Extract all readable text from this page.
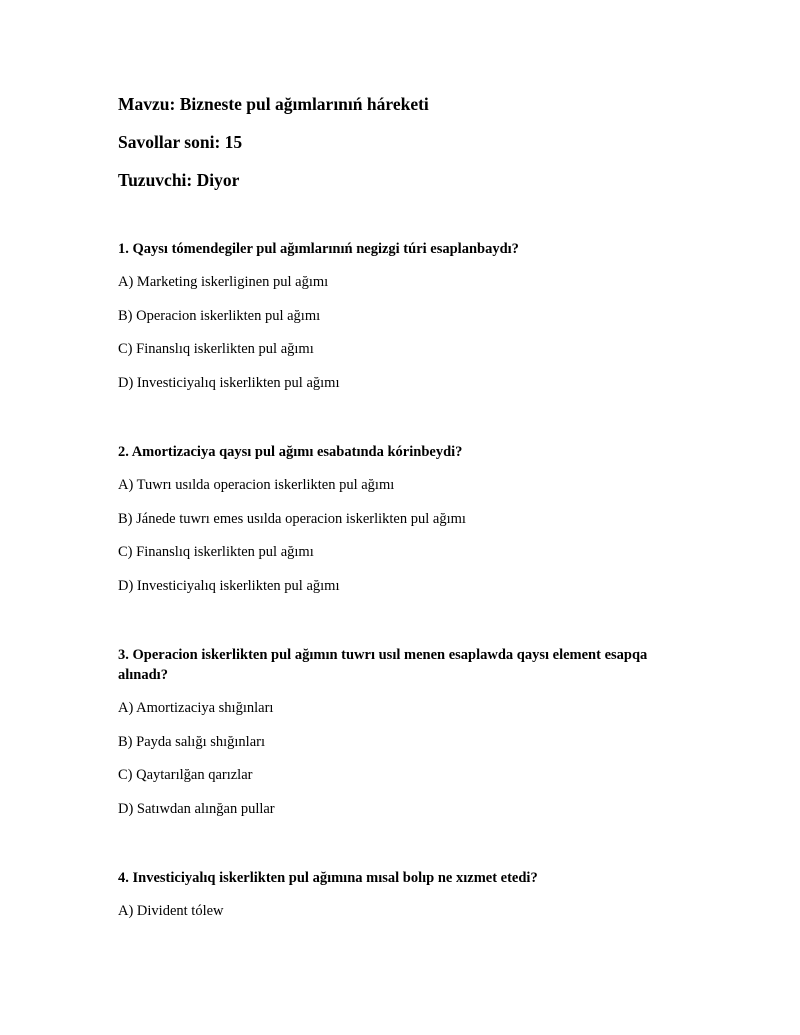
Mavzu: Bizneste pul ağımlarınıń háreketi
Savollar soni: 15
Tuzuvchi: Diyor
1. Qaysı tómendegiler pul ağımlarınıń negizgi túri esaplanbaydı?
A) Marketing iskerliginen pul ağımı
B) Operacion iskerlikten pul ağımı
C) Finanslıq iskerlikten pul ağımı
D) Investiciyalıq iskerlikten pul ağımı
2. Amortizaciya qaysı pul ağımı esabatında kórinbeydi?
A) Tuwrı usılda operacion iskerlikten pul ağımı
B) Jánede tuwrı emes usılda operacion iskerlikten pul ağımı
C) Finanslıq iskerlikten pul ağımı
D) Investiciyalıq iskerlikten pul ağımı
3. Operacion iskerlikten pul ağımın tuwrı usıl menen esaplawda qaysı element esapqa alınadı?
A) Amortizaciya shığınları
B) Payda salığı shığınları
C) Qaytarılğan qarızlar
D) Satıwdan alınğan pullar
4. Investiciyalıq iskerlikten pul ağımına mısal bolıp ne xızmet etedi?
A) Divident tólew
